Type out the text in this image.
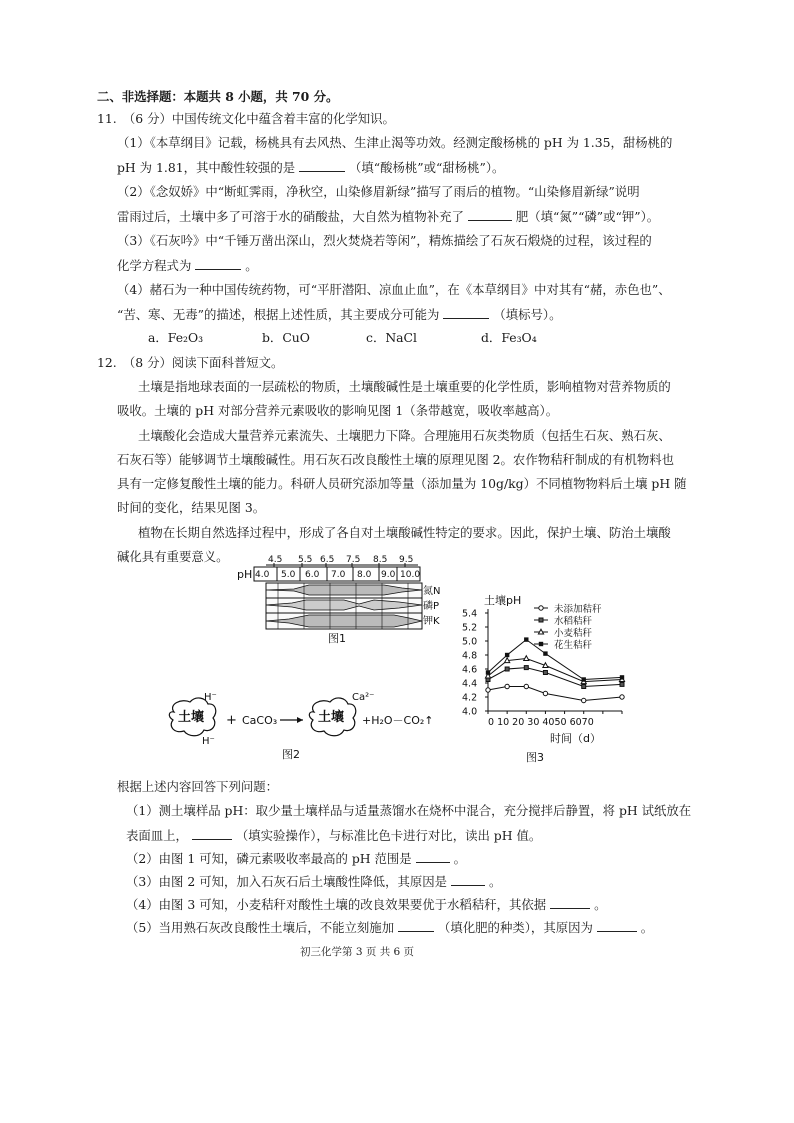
二、非选择题：本题共 8 小题，共 70 分。
11.　（6 分）中国传统文化中蕴含着丰富的化学知识。
（1）《本草纲目》记载，杨桃具有去风热、生津止渴等功效。经测定酸杨桃的 pH 为 1.35，甜杨桃的
pH 为 1.81，其中酸性较强的是	（填“酸杨桃”或“甜杨桃”）。
（2）《念奴娇》中“断虹霁雨，净秋空，山染修眉新绿”描写了雨后的植物。“山染修眉新绿”说明
雷雨过后，土壤中多了可溶于水的硝酸盐，大自然为植物补充了	肥（填“氮”“磷”或“钾”）。
（3）《石灰吟》中“千锤万凿出深山，烈火焚烧若等闲”，精炼描绘了石灰石煅烧的过程，该过程的
化学方程式为	。
（4）赭石为一种中国传统药物，可“平肝潜阳、凉血止血”，在《本草纲目》中对其有“赭，赤色也”、
“苦、寒、无毒”的描述，根据上述性质，其主要成分可能为	（填标号）。
a．Fe₂O₃	b．CuO	c．NaCl	d．Fe₃O₄
12.　（8 分）阅读下面科普短文。
土壤是指地球表面的一层疏松的物质，土壤酸碱性是土壤重要的化学性质，影响植物对营养物质的
吸收。土壤的 pH 对部分营养元素吸收的影响见图 1（条带越宽，吸收率越高）。
土壤酸化会造成大量营养元素流失、土壤肥力下降。合理施用石灰类物质（包括生石灰、熟石灰、
石灰石等）能够调节土壤酸碱性。用石灰石改良酸性土壤的原理见图 2。农作物秸秆制成的有机物料也
具有一定修复酸性土壤的能力。科研人员研究添加等量（添加量为 10g/kg）不同植物物料后土壤 pH 随
时间的变化，结果见图 3。
植物在长期自然选择过程中，形成了各自对土壤酸碱性特定的要求。因此，保护土壤、防治土壤酸
碱化具有重要意义。	4.5 5.5 6.5 7.5 8.5 9.5
pH 4.0 5.0 6.0 7.0 8.0 9.0 10.0
氮N
磷P
钾K
图1
土壤
H⁻
H⁻
+ CaCO₃	土壤
Ca²⁻
+H₂O－CO₂↑
图2
土壤pH
4.0
4.2
4.4
4.6
4.8
5.0
5.2
5.4	未添加秸秆
水稻秸秆
小麦秸秆
花生秸秆
0 10 20 30 4050 6070
时间（d）
图3
根据上述内容回答下列问题：
（1）测土壤样品 pH：取少量土壤样品与适量蒸馏水在烧杯中混合，充分搅拌后静置，将 pH 试纸放在
表面皿上，	（填实验操作），与标准比色卡进行对比，读出 pH 值。
（2）由图 1 可知，磷元素吸收率最高的 pH 范围是	。
（3）由图 2 可知，加入石灰石后土壤酸性降低，其原因是	。
（4）由图 3 可知，小麦秸秆对酸性土壤的改良效果要优于水稻秸秆，其依据	。
（5）当用熟石灰改良酸性土壤后，不能立刻施加	（填化肥的种类），其原因为	。
初三化学第 3 页 共 6 页
